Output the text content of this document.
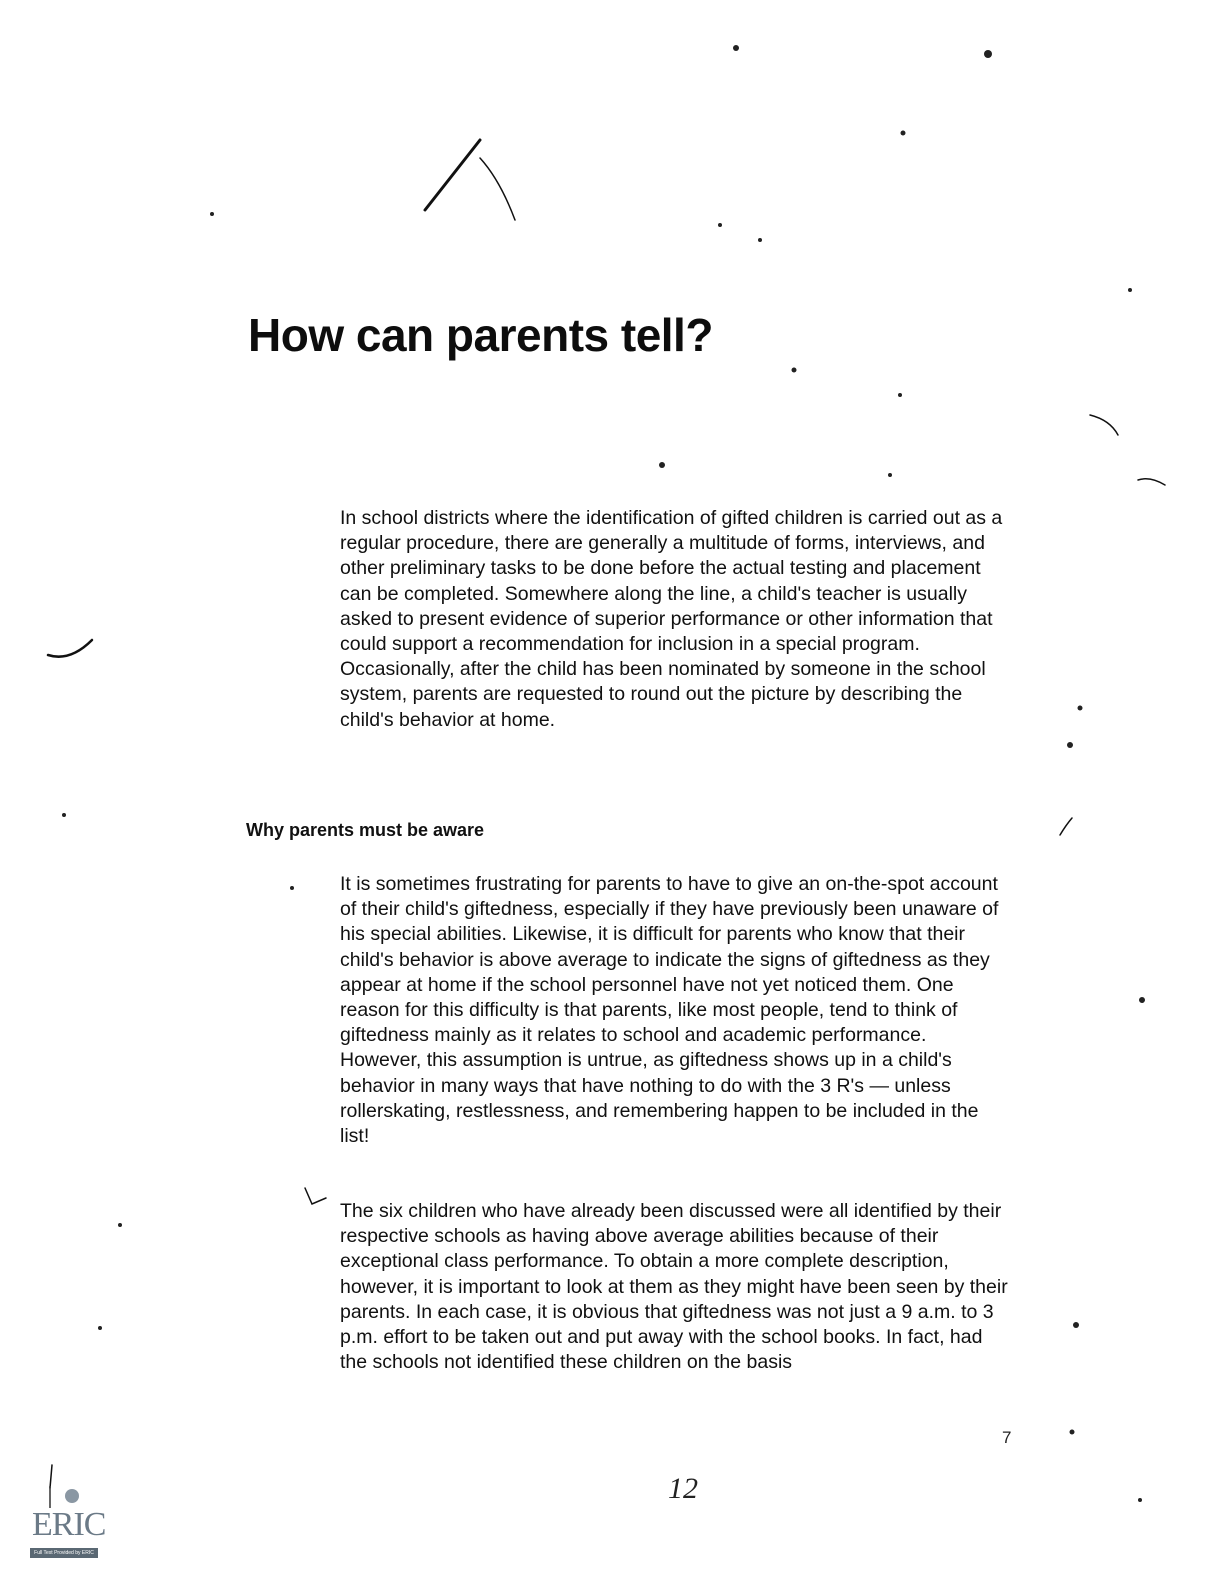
How can parents tell?

In school districts where the identification of gifted children is carried out as a regular procedure, there are generally a multitude of forms, interviews, and other preliminary tasks to be done before the actual testing and placement can be completed. Somewhere along the line, a child's teacher is usually asked to present evidence of superior performance or other information that could support a recommendation for inclusion in a special program. Occasionally, after the child has been nominated by someone in the school system, parents are requested to round out the picture by describing the child's behavior at home.

Why parents must be aware

It is sometimes frustrating for parents to have to give an on-the-spot account of their child's giftedness, especially if they have previously been unaware of his special abilities. Likewise, it is difficult for parents who know that their child's behavior is above average to indicate the signs of giftedness as they appear at home if the school personnel have not yet noticed them. One reason for this difficulty is that parents, like most people, tend to think of giftedness mainly as it relates to school and academic performance. However, this assumption is untrue, as giftedness shows up in a child's behavior in many ways that have nothing to do with the 3 R's — unless rollerskating, restlessness, and remembering happen to be included in the list!

The six children who have already been discussed were all identified by their respective schools as having above average abilities because of their exceptional class performance. To obtain a more complete description, however, it is important to look at them as they might have been seen by their parents. In each case, it is obvious that giftedness was not just a 9 a.m. to 3 p.m. effort to be taken out and put away with the school books. In fact, had the schools not identified these children on the basis

7
12
ERIC
Full Text Provided by ERIC
